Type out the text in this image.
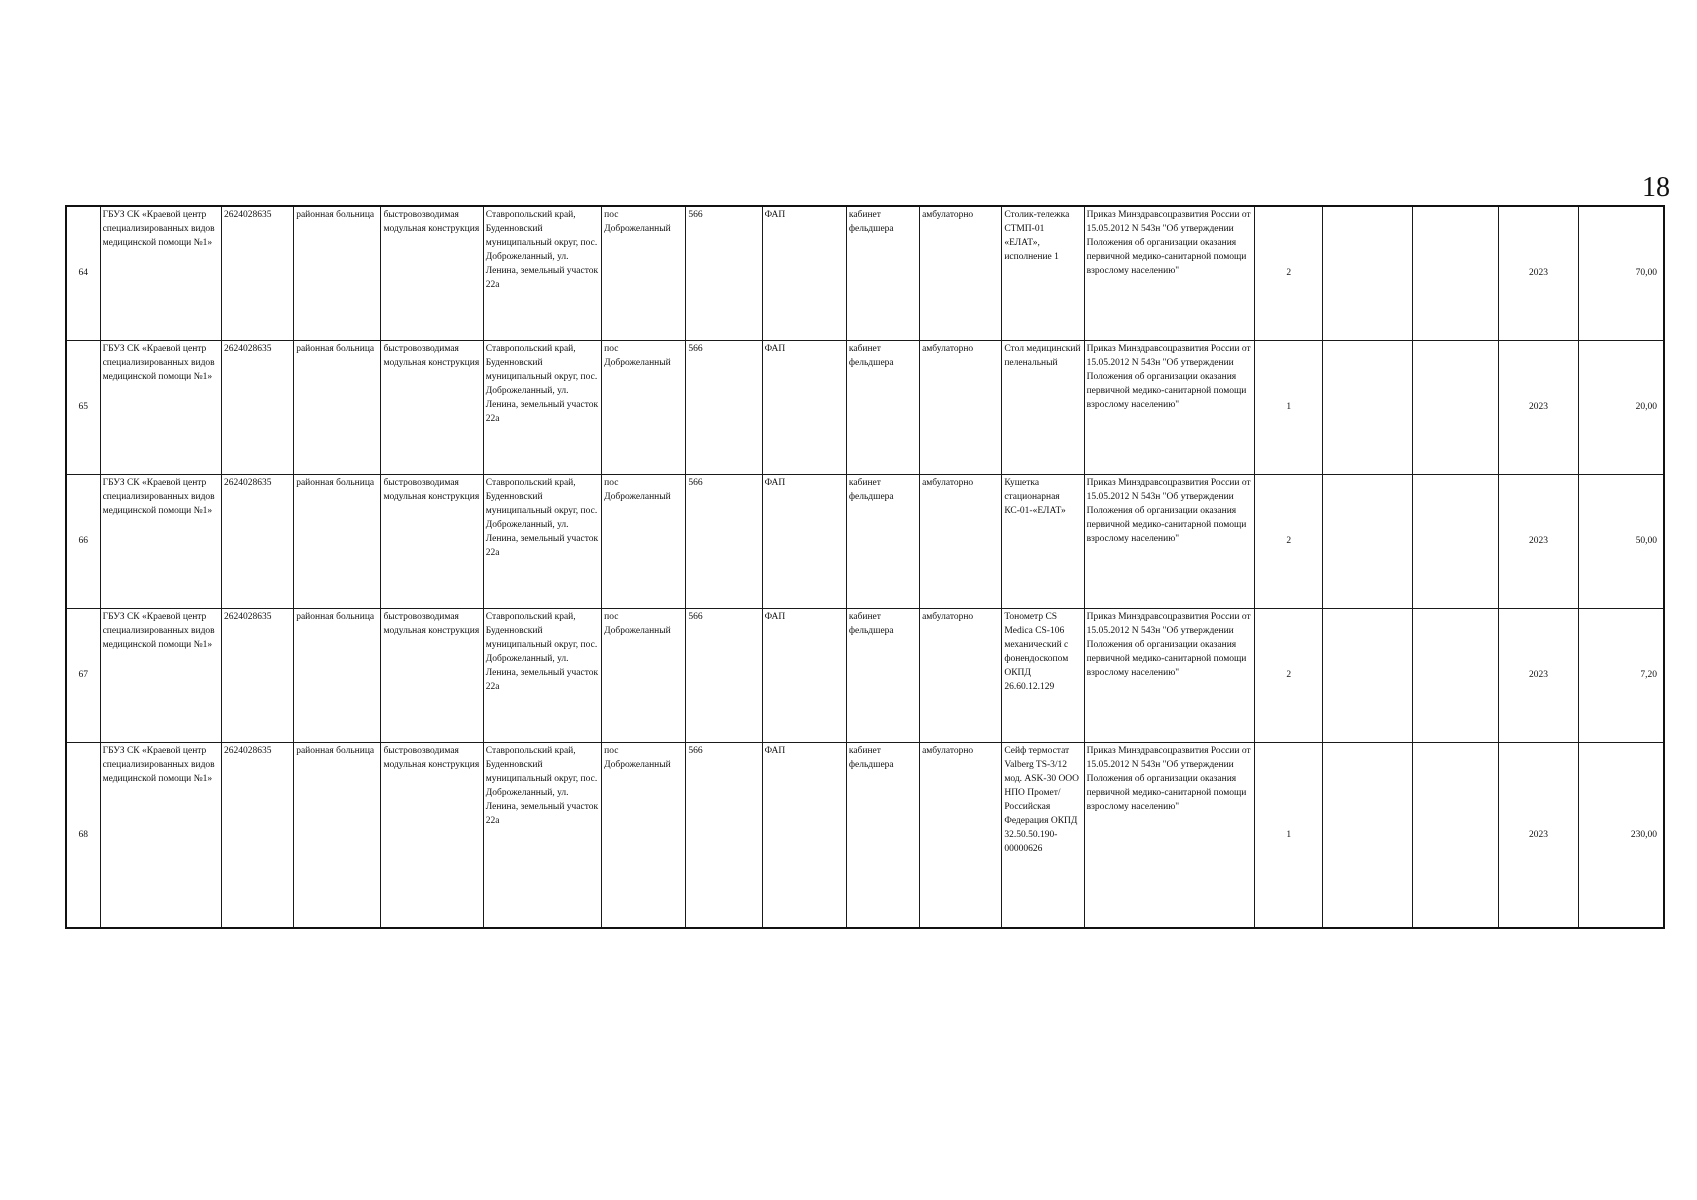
18
64	ГБУЗ СК «Краевой центр специализированных видов медицинской помощи №1»	2624028635	районная больница	быстровозводимая модульная конструкция	Ставропольский край, Буденновский муниципальный округ, пос. Доброжеланный, ул. Ленина, земельный участок 22а	пос Доброжеланный	566	ФАП	кабинет фельдшера	амбулаторно	Столик-тележка СТМП-01 «ЕЛАТ», исполнение 1	Приказ Минздравсоцразвития России от 15.05.2012 N 543н "Об утверждении Положения об организации оказания первичной медико-санитарной помощи взрослому населению"	2			2023	70,00
65	ГБУЗ СК «Краевой центр специализированных видов медицинской помощи №1»	2624028635	районная больница	быстровозводимая модульная конструкция	Ставропольский край, Буденновский муниципальный округ, пос. Доброжеланный, ул. Ленина, земельный участок 22а	пос Доброжеланный	566	ФАП	кабинет фельдшера	амбулаторно	Стол медицинский пеленальный	Приказ Минздравсоцразвития России от 15.05.2012 N 543н "Об утверждении Положения об организации оказания первичной медико-санитарной помощи взрослому населению"	1			2023	20,00
66	ГБУЗ СК «Краевой центр специализированных видов медицинской помощи №1»	2624028635	районная больница	быстровозводимая модульная конструкция	Ставропольский край, Буденновский муниципальный округ, пос. Доброжеланный, ул. Ленина, земельный участок 22а	пос Доброжеланный	566	ФАП	кабинет фельдшера	амбулаторно	Кушетка стационарная КС-01-«ЕЛАТ»	Приказ Минздравсоцразвития России от 15.05.2012 N 543н "Об утверждении Положения об организации оказания первичной медико-санитарной помощи взрослому населению"	2			2023	50,00
67	ГБУЗ СК «Краевой центр специализированных видов медицинской помощи №1»	2624028635	районная больница	быстровозводимая модульная конструкция	Ставропольский край, Буденновский муниципальный округ, пос. Доброжеланный, ул. Ленина, земельный участок 22а	пос Доброжеланный	566	ФАП	кабинет фельдшера	амбулаторно	Тонометр CS Medica CS-106 механический с фонендоскопом ОКПД 26.60.12.129	Приказ Минздравсоцразвития России от 15.05.2012 N 543н "Об утверждении Положения об организации оказания первичной медико-санитарной помощи взрослому населению"	2			2023	7,20
68	ГБУЗ СК «Краевой центр специализированных видов медицинской помощи №1»	2624028635	районная больница	быстровозводимая модульная конструкция	Ставропольский край, Буденновский муниципальный округ, пос. Доброжеланный, ул. Ленина, земельный участок 22а	пос Доброжеланный	566	ФАП	кабинет фельдшера	амбулаторно	Сейф термостат Valberg TS-3/12 мод. ASK-30 ООО НПО Промет/Российская Федерация ОКПД 32.50.50.190-00000626	Приказ Минздравсоцразвития России от 15.05.2012 N 543н "Об утверждении Положения об организации оказания первичной медико-санитарной помощи взрослому населению"	1			2023	230,00
